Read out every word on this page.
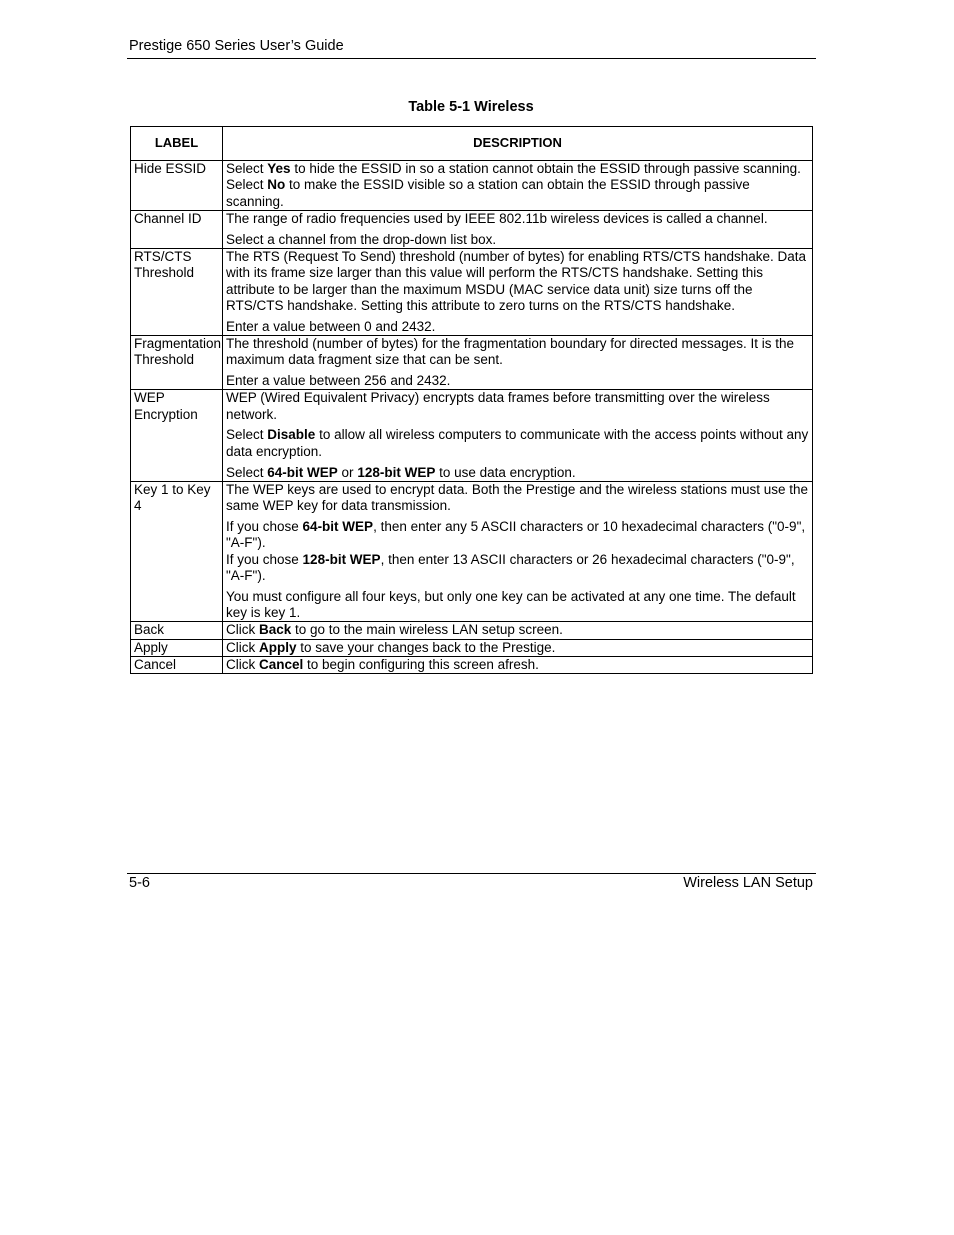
Prestige 650 Series User’s Guide
Table 5-1 Wireless
LABEL	DESCRIPTION
Hide ESSID	Select Yes to hide the ESSID in so a station cannot obtain the ESSID through passive scanning.

Select No to make the ESSID visible so a station can obtain the ESSID through passive scanning.

Channel ID	The range of radio frequencies used by IEEE 802.11b wireless devices is called a channel.

Select a channel from the drop-down list box.

RTS/CTS Threshold	The RTS (Request To Send) threshold (number of bytes) for enabling RTS/CTS handshake. Data with its frame size larger than this value will perform the RTS/CTS handshake. Setting this attribute to be larger than the maximum MSDU (MAC service data unit) size turns off the RTS/CTS handshake. Setting this attribute to zero turns on the RTS/CTS handshake.

Enter a value between 0 and 2432.

Fragmentation Threshold	The threshold (number of bytes) for the fragmentation boundary for directed messages. It is the maximum data fragment size that can be sent.

Enter a value between 256 and 2432.

WEP Encryption	WEP (Wired Equivalent Privacy) encrypts data frames before transmitting over the wireless network.

Select Disable to allow all wireless computers to communicate with the access points without any data encryption.

Select 64-bit WEP or 128-bit WEP to use data encryption.

Key 1 to Key 4	The WEP keys are used to encrypt data. Both the Prestige and the wireless stations must use the same WEP key for data transmission.

If you chose 64-bit WEP, then enter any 5 ASCII characters or 10 hexadecimal characters ("0-9", "A-F").

If you chose 128-bit WEP, then enter 13 ASCII characters or 26 hexadecimal characters ("0-9", "A-F").

You must configure all four keys, but only one key can be activated at any one time. The default key is key 1.

Back	Click Back to go to the main wireless LAN setup screen.

Apply	Click Apply to save your changes back to the Prestige.

Cancel	Click Cancel to begin configuring this screen afresh.

5-6	Wireless LAN Setup
